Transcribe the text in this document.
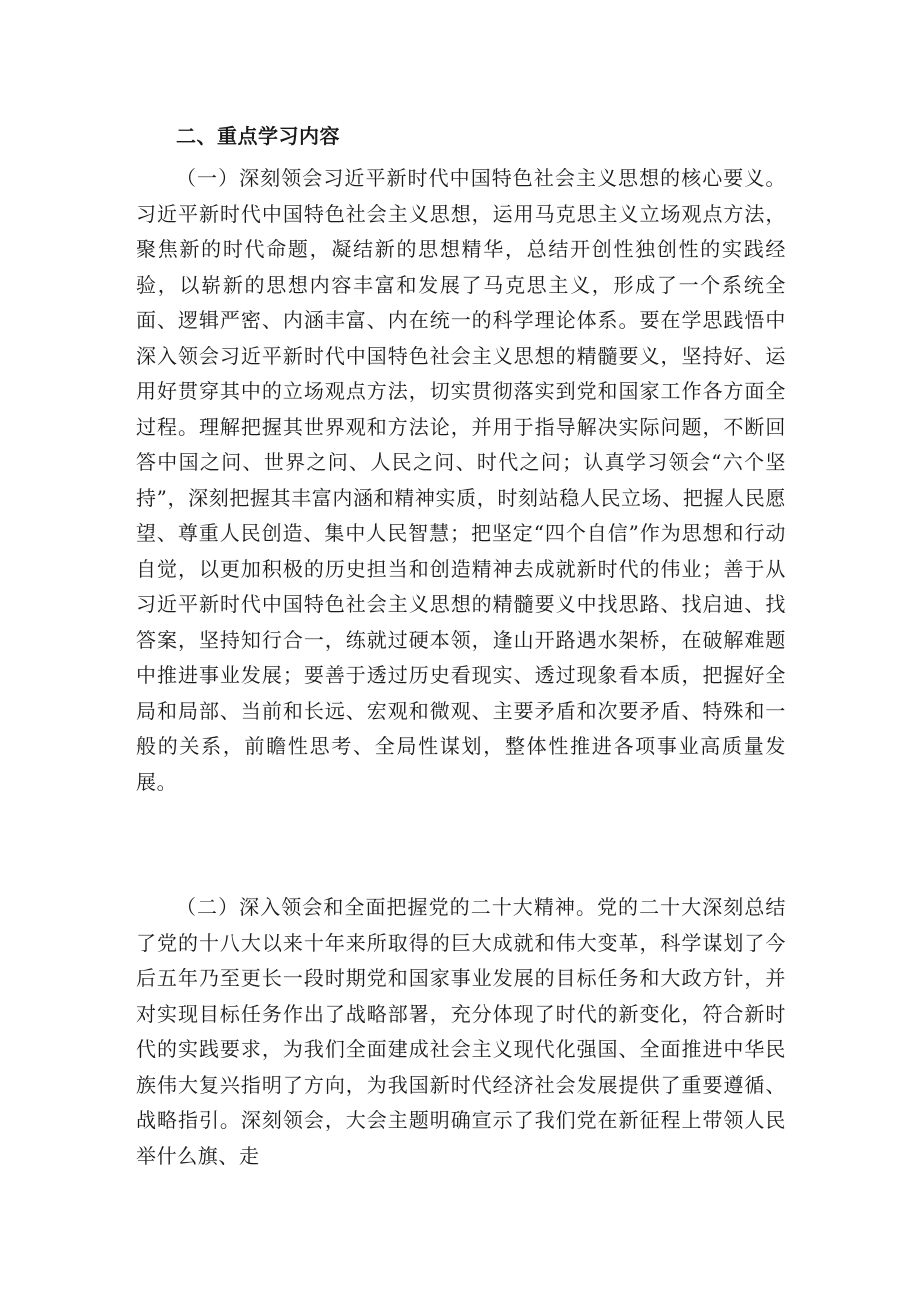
二、重点学习内容

（一）深刻领会习近平新时代中国特色社会主义思想的核心要义。习近平新时代中国特色社会主义思想，运用马克思主义立场观点方法，聚焦新的时代命题，凝结新的思想精华，总结开创性独创性的实践经验，以崭新的思想内容丰富和发展了马克思主义，形成了一个系统全面、逻辑严密、内涵丰富、内在统一的科学理论体系。要在学思践悟中深入领会习近平新时代中国特色社会主义思想的精髓要义，坚持好、运用好贯穿其中的立场观点方法，切实贯彻落实到党和国家工作各方面全过程。理解把握其世界观和方法论，并用于指导解决实际问题，不断回答中国之问、世界之问、人民之问、时代之问；认真学习领会“六个坚持”，深刻把握其丰富内涵和精神实质，时刻站稳人民立场、把握人民愿望、尊重人民创造、集中人民智慧；把坚定“四个自信”作为思想和行动自觉，以更加积极的历史担当和创造精神去成就新时代的伟业；善于从习近平新时代中国特色社会主义思想的精髓要义中找思路、找启迪、找答案，坚持知行合一，练就过硬本领，逢山开路遇水架桥，在破解难题中推进事业发展；要善于透过历史看现实、透过现象看本质，把握好全局和局部、当前和长远、宏观和微观、主要矛盾和次要矛盾、特殊和一般的关系，前瞻性思考、全局性谋划，整体性推进各项事业高质量发展。

（二）深入领会和全面把握党的二十大精神。党的二十大深刻总结了党的十八大以来十年来所取得的巨大成就和伟大变革，科学谋划了今后五年乃至更长一段时期党和国家事业发展的目标任务和大政方针，并对实现目标任务作出了战略部署，充分体现了时代的新变化，符合新时代的实践要求，为我们全面建成社会主义现代化强国、全面推进中华民族伟大复兴指明了方向，为我国新时代经济社会发展提供了重要遵循、战略指引。深刻领会，大会主题明确宣示了我们党在新征程上带领人民举什么旗、走
